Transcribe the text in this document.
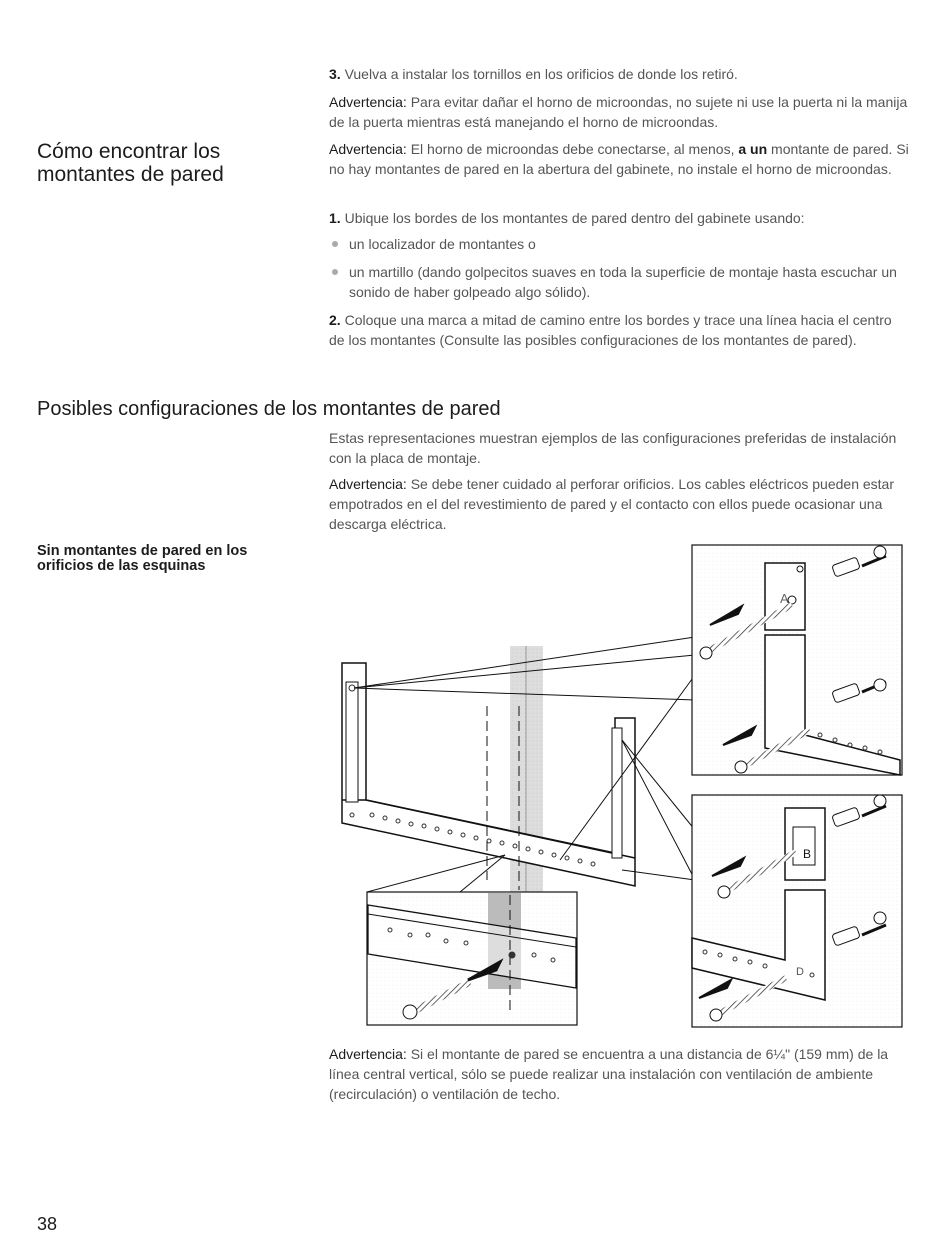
3. Vuelva a instalar los tornillos en los orificios de donde los retiró.

Advertencia: Para evitar dañar el horno de microondas, no sujete ni use la puerta ni la manija de la puerta mientras está manejando el horno de microondas.

Cómo encontrar los
montantes de pared

Advertencia: El horno de microondas debe conectarse, al menos, a un montante de pared. Si no hay montantes de pared en la abertura del gabinete, no instale el horno de microondas.

1. Ubique los bordes de los montantes de pared dentro del gabinete usando:

un localizador de montantes o

un martillo (dando golpecitos suaves en toda la superficie de montaje hasta escuchar un sonido de haber golpeado algo sólido).

2. Coloque una marca a mitad de camino entre los bordes y trace una línea hacia el centro de los montantes (Consulte las posibles configuraciones de los montantes de pared).

Posibles configuraciones de los montantes de pared

Estas representaciones muestran ejemplos de las configuraciones preferidas de instalación con la placa de montaje.

Advertencia: Se debe tener cuidado al perforar orificios. Los cables eléctricos pueden estar empotrados en el del revestimiento de pared y el contacto con ellos puede ocasionar una descarga eléctrica.

Sin montantes de pared en los
orificios de las esquinas
A
B
D

Advertencia: Si el montante de pared se encuentra a una distancia de 6¼" (159 mm) de la línea central vertical, sólo se puede realizar una instalación con ventilación de ambiente (recirculación) o ventilación de techo.

38
